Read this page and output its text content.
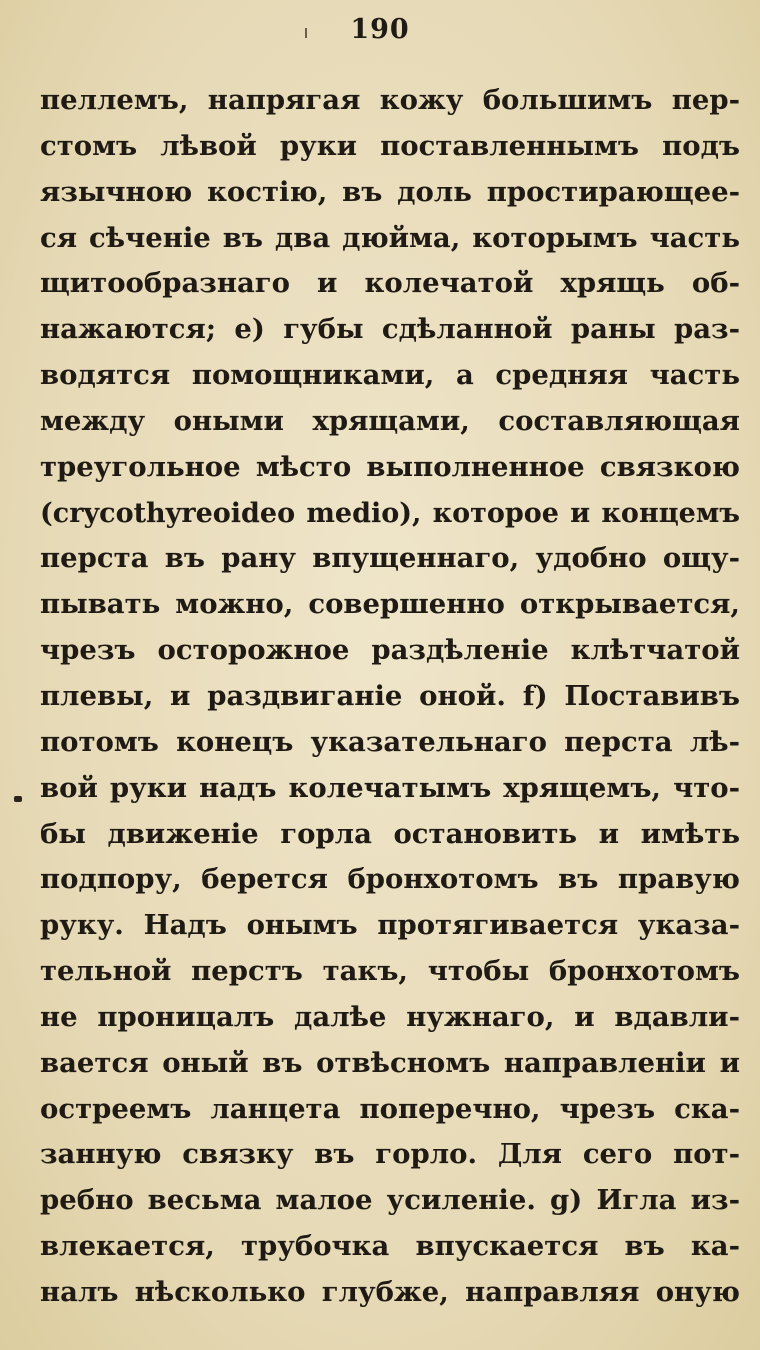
190
пеллемъ, напрягая кожу большимъ пер-
стомъ лѣвой руки поставленнымъ подъ
язычною костію, въ доль простирающее-
ся сѣченіе въ два дюйма, которымъ часть
щитообразнаго и колечатой хрящь об-
нажаются; е) губы сдѣланной раны раз-
водятся помощниками, а средняя часть
между оными хрящами, составляющая
треугольное мѣсто выполненное связкою
(crycothyreoideo medio), которое и концемъ
перста въ рану впущеннаго, удобно ощу-
пывать можно, совершенно открывается,
чрезъ осторожное раздѣленіе клѣтчатой
плевы, и раздвиганіе оной. f) Поставивъ
потомъ конецъ указательнаго перста лѣ-
вой руки надъ колечатымъ хрящемъ, что-
бы движеніе горла остановить и имѣть
подпору, берется бронхотомъ въ правую
руку. Надъ онымъ протягивается указа-
тельной перстъ такъ, чтобы бронхотомъ
не проницалъ далѣе нужнаго, и вдавли-
вается оный въ отвѣсномъ направленіи и
острeемъ ланцета поперечно, чрезъ ска-
занную связку въ горло. Для сего пот-
ребно весьма малое усиленіе. g) Игла из-
влекается, трубочка впускается въ ка-
налъ нѣсколько глубже, направляя оную
